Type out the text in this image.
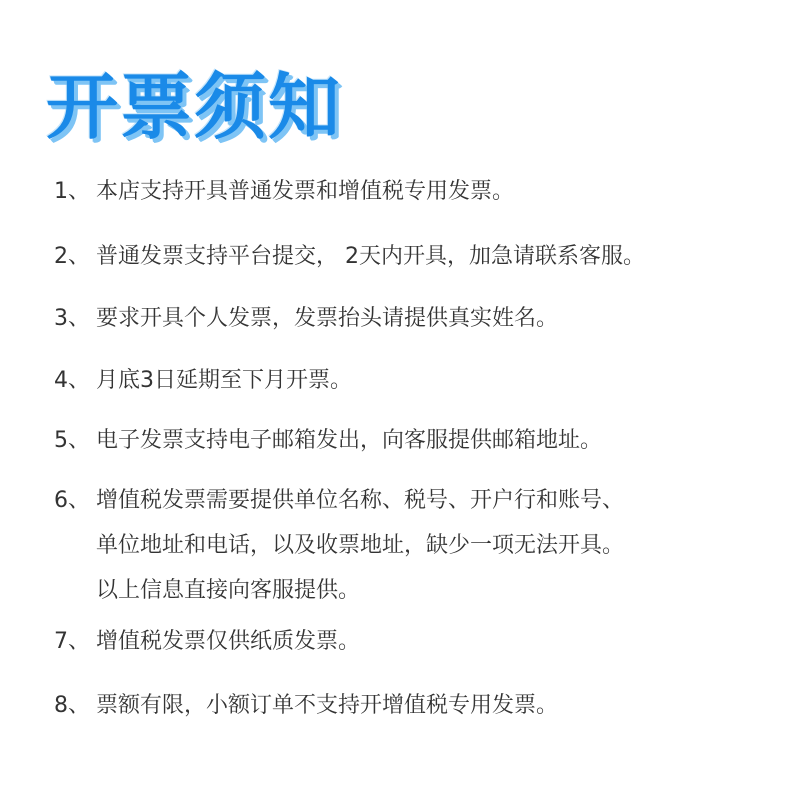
开票须知
1、 本店支持开具普通发票和增值税专用发票。
2、 普通发票支持平台提交， 2天内开具，加急请联系客服。
3、 要求开具个人发票，发票抬头请提供真实姓名。
4、 月底3日延期至下月开票。
5、 电子发票支持电子邮箱发出，向客服提供邮箱地址。
6、 增值税发票需要提供单位名称、税号、开户行和账号、
单位地址和电话，以及收票地址，缺少一项无法开具。
以上信息直接向客服提供。
7、 增值税发票仅供纸质发票。
8、 票额有限，小额订单不支持开增值税专用发票。
